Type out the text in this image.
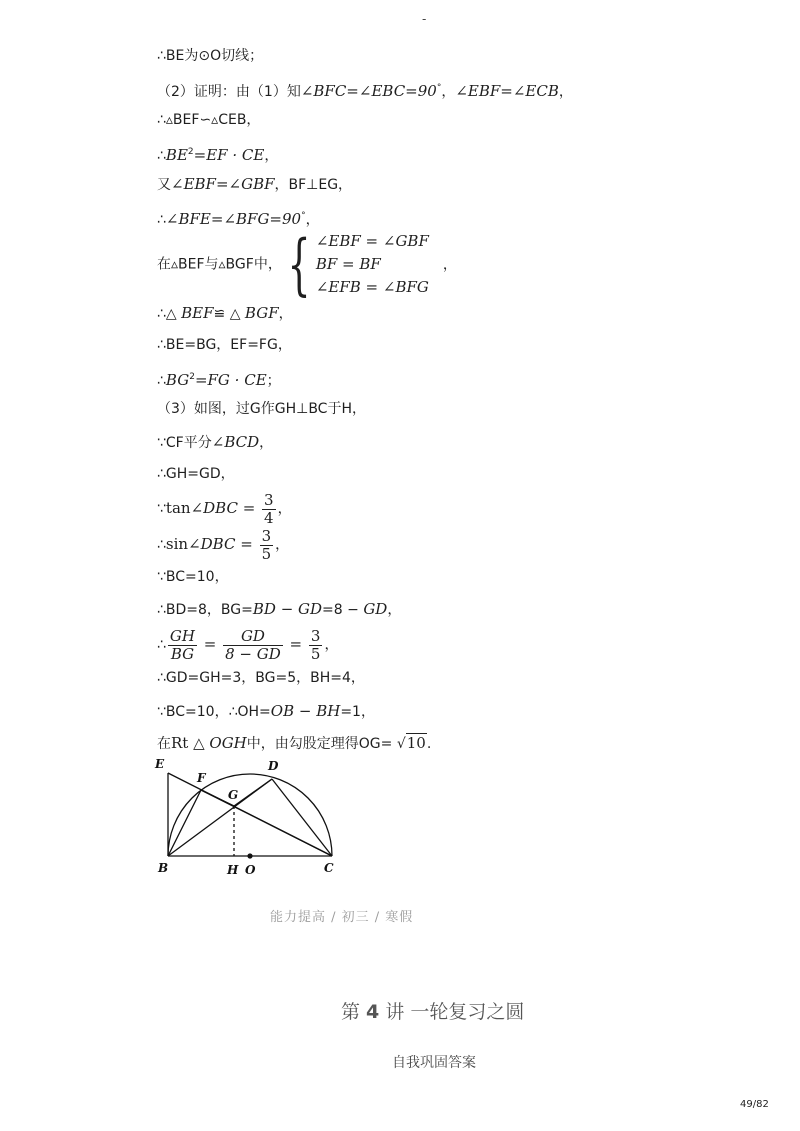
-
∴BE为⊙O切线；
（2）证明：由（1）知∠BFC=∠EBC=90°，∠EBF=∠ECB，
∴▵BEF∽▵CEB，
$\therefore BE^2=EF$ · CE，
又∠EBF=∠GBF，BF⊥EG，
∴∠BFE=∠BFG=90°，
在▵BEF与▵BGF中，{ ∠EBF = ∠GBF
BF = BF
∠EFB = ∠BFG
，
∴△ BEF≌ △ BGF，
∴BE=BG，EF=FG，
$\therefore BG^2=FG$ · CE；
（3）如图，过G作GH⊥BC于H，
∵CF平分∠BCD，
∴GH=GD，
∵tan∠DBC = $\frac{3}{4}$ ，
∴sin∠DBC = $\frac{3}{5}$ ，
∵BC=10，
∴BD=8，BG=BD − GD=8 − GD，
∴ $\frac{GH}{BG} = \frac{GD}{8 - GD} = \frac{3}{5}$ ，
∴GD=GH=3，BG=5，BH=4，
∵BC=10，∴OH=OB − BH=1，
在Rt △ OGH中，由勾股定理得OG= √10.
E
F
D
G
B	H O	C
能力提高 / 初三 / 寒假
第 4 讲 一轮复习之圆
自我巩固答案
49/82
